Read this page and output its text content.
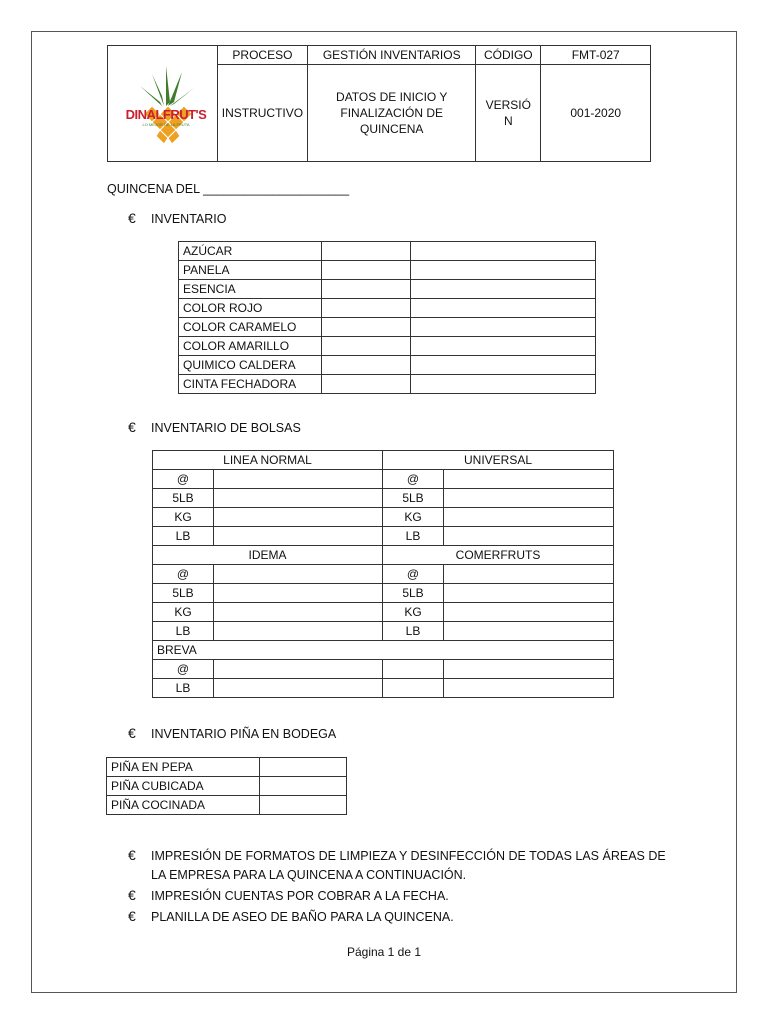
	PROCESO	GESTIÓN INVENTARIOS	CÓDIGO	FMT-027
	INSTRUCTIVO	DATOS DE INICIO Y FINALIZACIÓN DE QUINCENA	VERSIÓ N	001-2020
DINALFRUT'S
LO MEJOR DE LA FRUTA
QUINCENA DEL _____________________
€ INVENTARIO
AZÚCAR		
PANELA		
ESENCIA		
COLOR ROJO		
COLOR CARAMELO		
COLOR AMARILLO		
QUIMICO CALDERA		
CINTA FECHADORA		
€ INVENTARIO DE BOLSAS
LINEA NORMAL		UNIVERSAL	
@		@	
5LB		5LB	
KG		KG	
LB		LB	
IDEMA		COMERFRUTS	
@		@	
5LB		5LB	
KG		KG	
LB		LB	
BREVA			
@			
LB			
€ INVENTARIO PIÑA EN BODEGA
PIÑA EN PEPA	
PIÑA CUBICADA	
PIÑA COCINADA	
€ IMPRESIÓN DE FORMATOS DE LIMPIEZA Y DESINFECCIÓN DE TODAS LAS ÁREAS DE
LA EMPRESA PARA LA QUINCENA A CONTINUACIÓN.
€ IMPRESIÓN CUENTAS POR COBRAR A LA FECHA.
€ PLANILLA DE ASEO DE BAÑO PARA LA QUINCENA.
Página 1 de 1
